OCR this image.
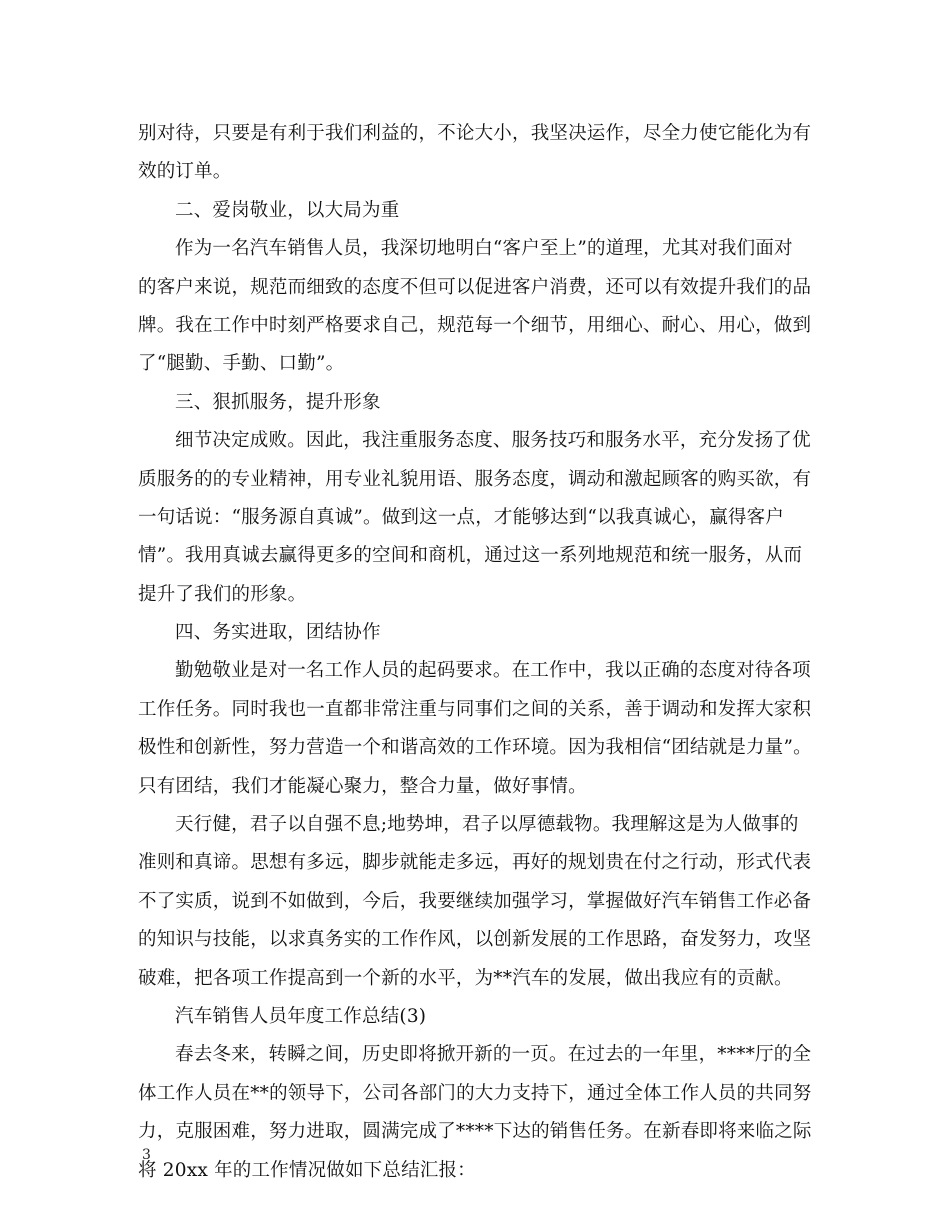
别对待，只要是有利于我们利益的，不论大小，我坚决运作，尽全力使它能化为有
效的订单。
二、爱岗敬业，以大局为重
作为一名汽车销售人员，我深切地明白“客户至上”的道理，尤其对我们面对
的客户来说，规范而细致的态度不但可以促进客户消费，还可以有效提升我们的品
牌。我在工作中时刻严格要求自己，规范每一个细节，用细心、耐心、用心，做到
了“腿勤、手勤、口勤”。
三、狠抓服务，提升形象
细节决定成败。因此，我注重服务态度、服务技巧和服务水平，充分发扬了优
质服务的的专业精神，用专业礼貌用语、服务态度，调动和激起顾客的购买欲，有
一句话说：“服务源自真诚”。做到这一点，才能够达到“以我真诚心，赢得客户
情”。我用真诚去赢得更多的空间和商机，通过这一系列地规范和统一服务，从而
提升了我们的形象。
四、务实进取，团结协作
勤勉敬业是对一名工作人员的起码要求。在工作中，我以正确的态度对待各项
工作任务。同时我也一直都非常注重与同事们之间的关系，善于调动和发挥大家积
极性和创新性，努力营造一个和谐高效的工作环境。因为我相信“团结就是力量”。
只有团结，我们才能凝心聚力，整合力量，做好事情。
天行健，君子以自强不息;地势坤，君子以厚德载物。我理解这是为人做事的
准则和真谛。思想有多远，脚步就能走多远，再好的规划贵在付之行动，形式代表
不了实质，说到不如做到，今后，我要继续加强学习，掌握做好汽车销售工作必备
的知识与技能，以求真务实的工作作风，以创新发展的工作思路，奋发努力，攻坚
破难，把各项工作提高到一个新的水平，为**汽车的发展，做出我应有的贡献。
汽车销售人员年度工作总结(3)
春去冬来，转瞬之间，历史即将掀开新的一页。在过去的一年里，****厅的全
体工作人员在**的领导下，公司各部门的大力支持下，通过全体工作人员的共同努
力，克服困难，努力进取，圆满完成了****下达的销售任务。在新春即将来临之际
将 20xx 年的工作情况做如下总结汇报：
3
